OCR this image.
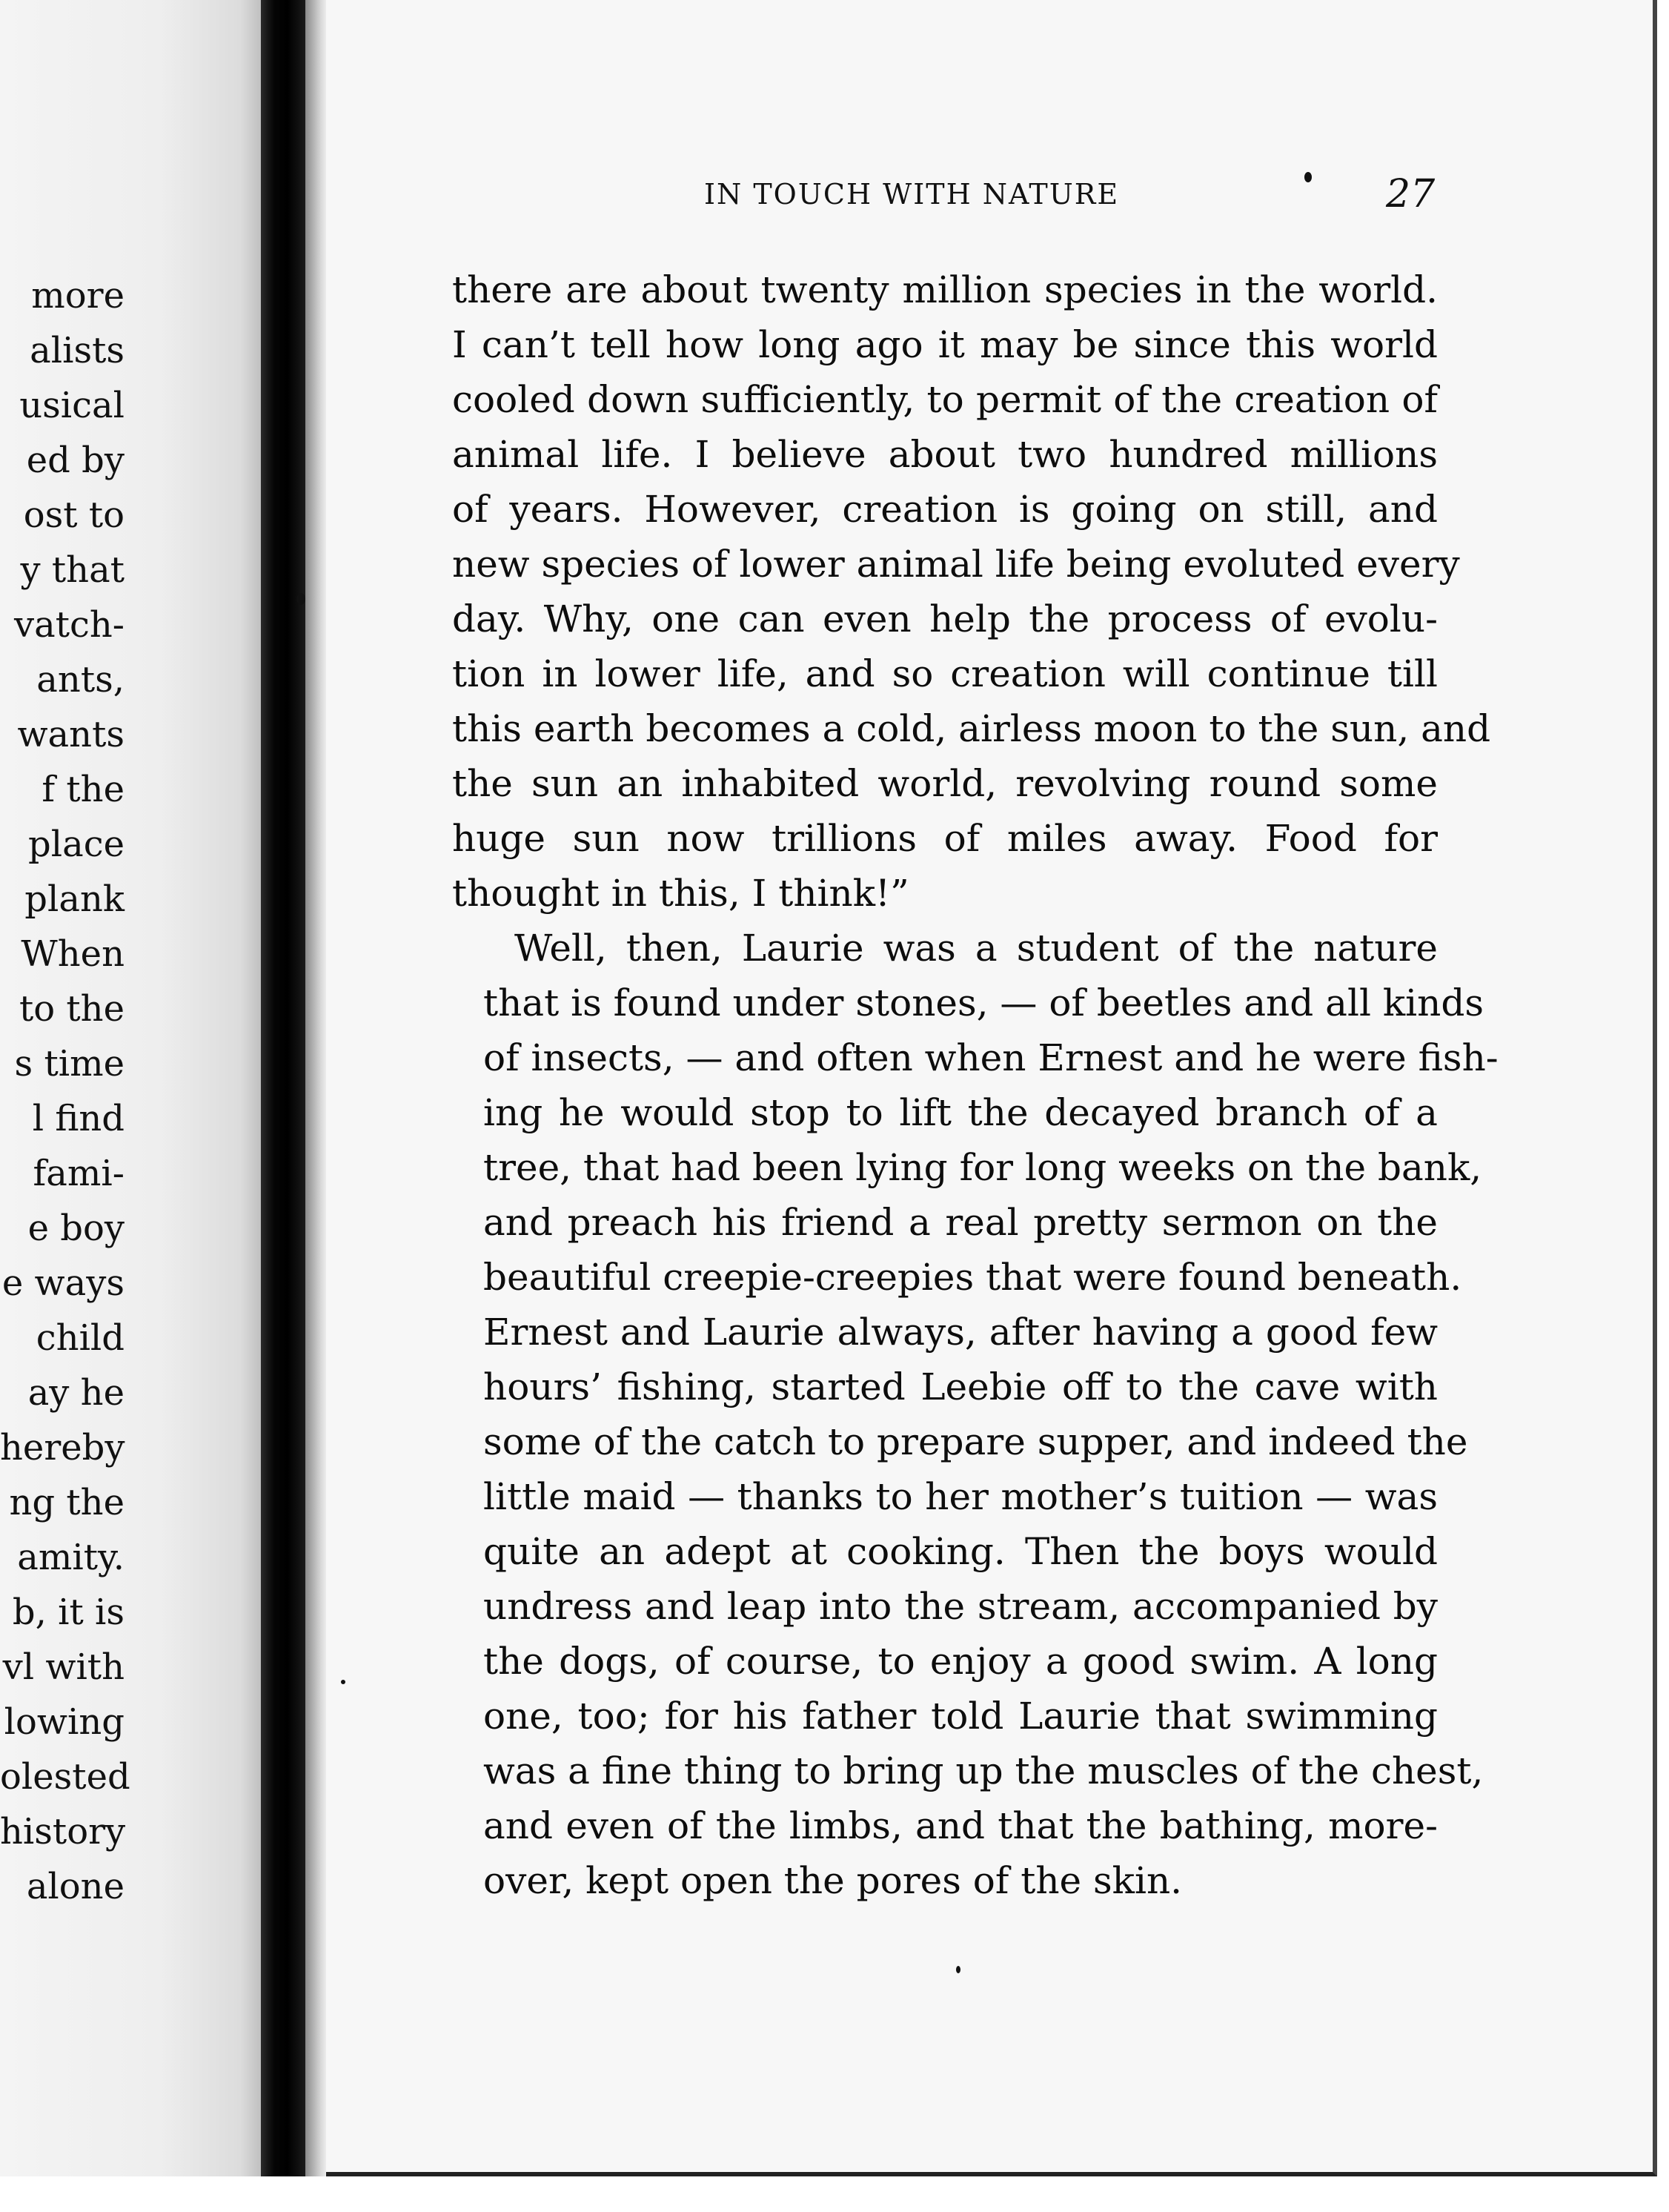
more
alists
usical
ed by
ost to
y that
vatch-
ants,
wants
f the
place
plank
When
to the
s time
l find
fami-
e boy
e ways
child
ay he
hereby
ng the
amity.
b, it is
vl with
lowing
olested
history
alone
IN TOUCH WITH NATURE	27

there are about twenty million species in the world.
I can’t tell how long ago it may be since this world
cooled down sufficiently, to permit of the creation of
animal life. I believe about two hundred millions
of years. However, creation is going on still, and
new species of lower animal life being evoluted every
day. Why, one can even help the process of evolu-
tion in lower life, and so creation will continue till
this earth becomes a cold, airless moon to the sun, and
the sun an inhabited world, revolving round some
huge sun now trillions of miles away. Food for
thought in this, I think!”

Well, then, Laurie was a student of the nature
that is found under stones, — of beetles and all kinds
of insects, — and often when Ernest and he were fish-
ing he would stop to lift the decayed branch of a
tree, that had been lying for long weeks on the bank,
and preach his friend a real pretty sermon on the
beautiful creepie-creepies that were found beneath.
Ernest and Laurie always, after having a good few
hours’ fishing, started Leebie off to the cave with
some of the catch to prepare supper, and indeed the
little maid — thanks to her mother’s tuition — was
quite an adept at cooking. Then the boys would
undress and leap into the stream, accompanied by
the dogs, of course, to enjoy a good swim. A long
one, too; for his father told Laurie that swimming
was a fine thing to bring up the muscles of the chest,
and even of the limbs, and that the bathing, more-
over, kept open the pores of the skin.
